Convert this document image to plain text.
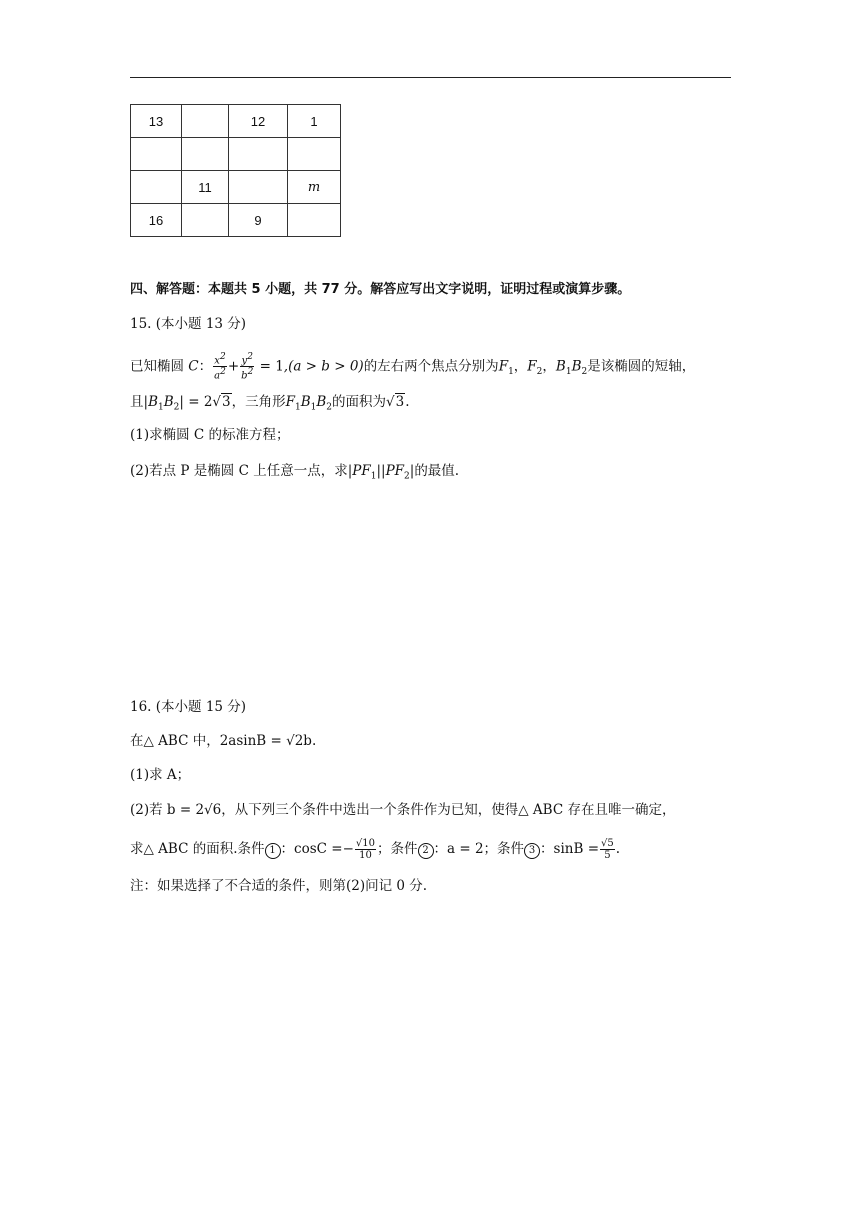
13		12	1

	11		m
16		9	
四、解答题：本题共 5 小题，共 77 分。解答应写出文字说明，证明过程或演算步骤。
15. (本小题 13 分)
已知椭圆 C： $\frac{x^2}{a^2} + \frac{y^2}{b^2} = 1,(a > b > 0)$的左右两个焦点分别为$F_1$，$F_2$，$B_1B_2$是该椭圆的短轴，
且$|B_1B_2| = 2√3$，三角形$F_1B_1B_2$的面积为√3.
(1)求椭圆 C 的标准方程；
(2)若点 P 是椭圆 C 上任意一点，求$|PF_1||PF_2|$的最值.
16. (本小题 15 分)
在△ ABC 中，2asinB = √2b.
(1)求 A；
(2)若 b = 2√6，从下列三个条件中选出一个条件作为已知，使得△ ABC 存在且唯一确定，
求△ ABC 的面积.条件 1 ：$\cos C =- \frac{√10}{10}$ ；条件 2 ：a = 2；条件 3 ：$\sin B = \frac{√5}{5}$ .
注：如果选择了不合适的条件，则第(2)问记 0 分.
